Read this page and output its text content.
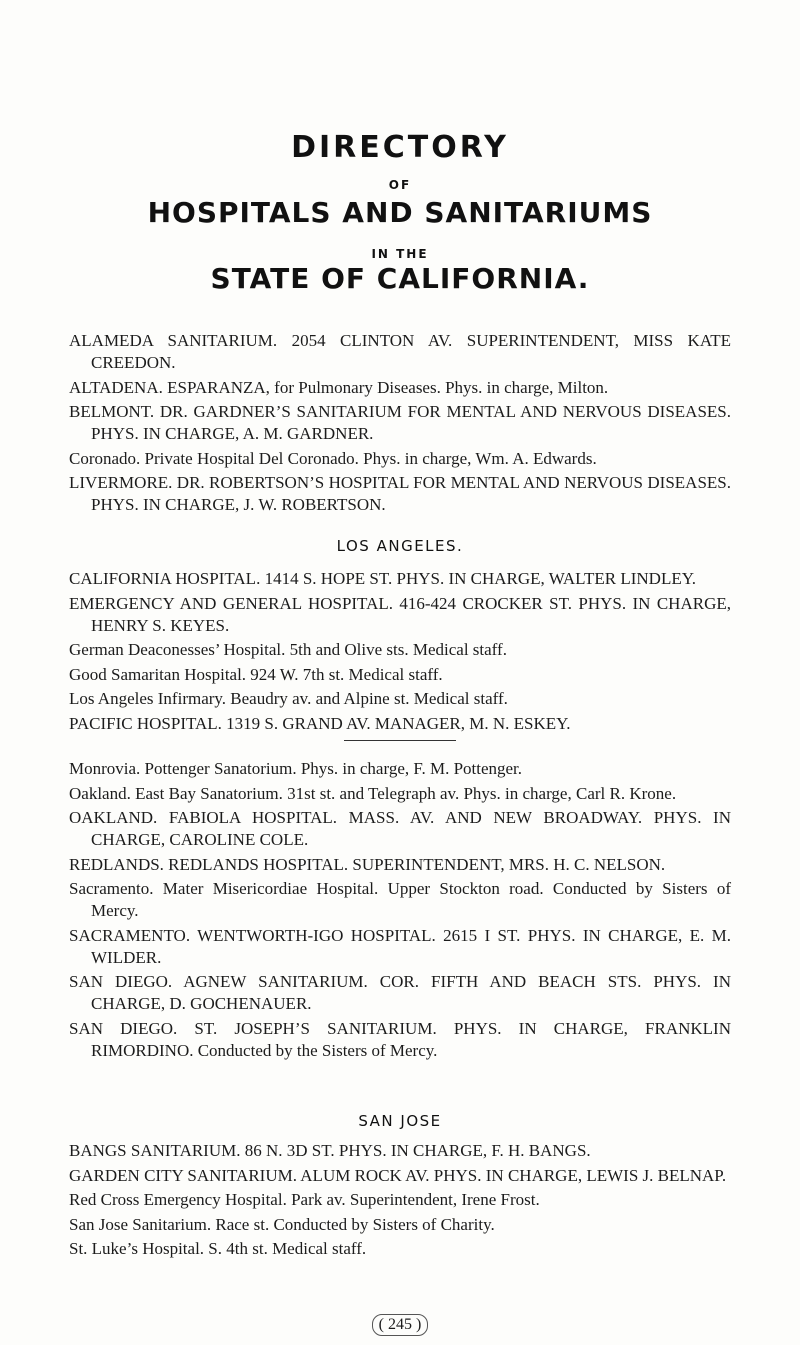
DIRECTORY
OF
HOSPITALS AND SANITARIUMS
IN THE
STATE OF CALIFORNIA.

ALAMEDA SANITARIUM. 2054 CLINTON AV. SUPERINTENDENT, MISS KATE CREEDON.

ALTADENA. ESPARANZA, for Pulmonary Diseases. Phys. in charge, Milton.

BELMONT. DR. GARDNER’S SANITARIUM FOR MENTAL AND NERVOUS DISEASES. PHYS. IN CHARGE, A. M. GARDNER.

Coronado. Private Hospital Del Coronado. Phys. in charge, Wm. A. Edwards.

LIVERMORE. DR. ROBERTSON’S HOSPITAL FOR MENTAL AND NERVOUS DISEASES. PHYS. IN CHARGE, J. W. ROBERTSON.

LOS ANGELES.

CALIFORNIA HOSPITAL. 1414 S. HOPE ST. PHYS. IN CHARGE, WALTER LINDLEY.

EMERGENCY AND GENERAL HOSPITAL. 416-424 CROCKER ST. PHYS. IN CHARGE, HENRY S. KEYES.

German Deaconesses’ Hospital. 5th and Olive sts. Medical staff.

Good Samaritan Hospital. 924 W. 7th st. Medical staff.

Los Angeles Infirmary. Beaudry av. and Alpine st. Medical staff.

PACIFIC HOSPITAL. 1319 S. GRAND AV. MANAGER, M. N. ESKEY.

Monrovia. Pottenger Sanatorium. Phys. in charge, F. M. Pottenger.

Oakland. East Bay Sanatorium. 31st st. and Telegraph av. Phys. in charge, Carl R. Krone.

OAKLAND. FABIOLA HOSPITAL. MASS. AV. AND NEW BROADWAY. PHYS. IN CHARGE, CAROLINE COLE.

REDLANDS. REDLANDS HOSPITAL. SUPERINTENDENT, MRS. H. C. NELSON.

Sacramento. Mater Misericordiae Hospital. Upper Stockton road. Conducted by Sisters of Mercy.

SACRAMENTO. WENTWORTH-IGO HOSPITAL. 2615 I ST. PHYS. IN CHARGE, E. M. WILDER.

SAN DIEGO. AGNEW SANITARIUM. COR. FIFTH AND BEACH STS. PHYS. IN CHARGE, D. GOCHENAUER.

SAN DIEGO. ST. JOSEPH’S SANITARIUM. PHYS. IN CHARGE, FRANKLIN RIMORDINO. Conducted by the Sisters of Mercy.

SAN JOSE

BANGS SANITARIUM. 86 N. 3D ST. PHYS. IN CHARGE, F. H. BANGS.

GARDEN CITY SANITARIUM. ALUM ROCK AV. PHYS. IN CHARGE, LEWIS J. BELNAP.

Red Cross Emergency Hospital. Park av. Superintendent, Irene Frost.

San Jose Sanitarium. Race st. Conducted by Sisters of Charity.

St. Luke’s Hospital. S. 4th st. Medical staff.

( 245 )
